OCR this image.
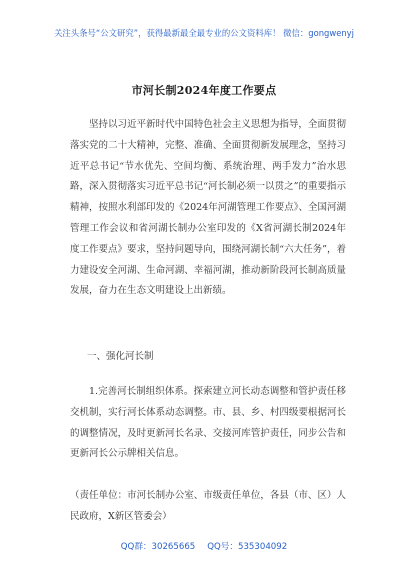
关注头条号“公文研究”，获得最新最全最专业的公文资料库！ 微信：gongwenyj
市河长制2024年度工作要点

坚持以习近平新时代中国特色社会主义思想为指导，全面贯彻落实党的二十大精神，完整、准确、全面贯彻新发展理念，坚持习近平总书记“节水优先、空间均衡、系统治理、两手发力”治水思路，深入贯彻落实习近平总书记“河长制必须一以贯之”的重要指示精神，按照水利部印发的《2024年河湖管理工作要点》、全国河湖管理工作会议和省河湖长制办公室印发的《X省河湖长制2024年度工作要点》要求，坚持问题导向，围绕河湖长制“六大任务”，着力建设安全河湖、生命河湖、幸福河湖，推动新阶段河长制高质量发展，奋力在生态文明建设上出新绩。

一、强化河长制

1.完善河长制组织体系。探索建立河长动态调整和管护责任移交机制，实行河长体系动态调整。市、县、乡、村四级要根据河长的调整情况，及时更新河长名录、交接河库管护责任，同步公告和更新河长公示牌相关信息。

（责任单位：市河长制办公室、市级责任单位，各县（市、区）人民政府，X新区管委会）

QQ群：30265665 QQ号：535304092
